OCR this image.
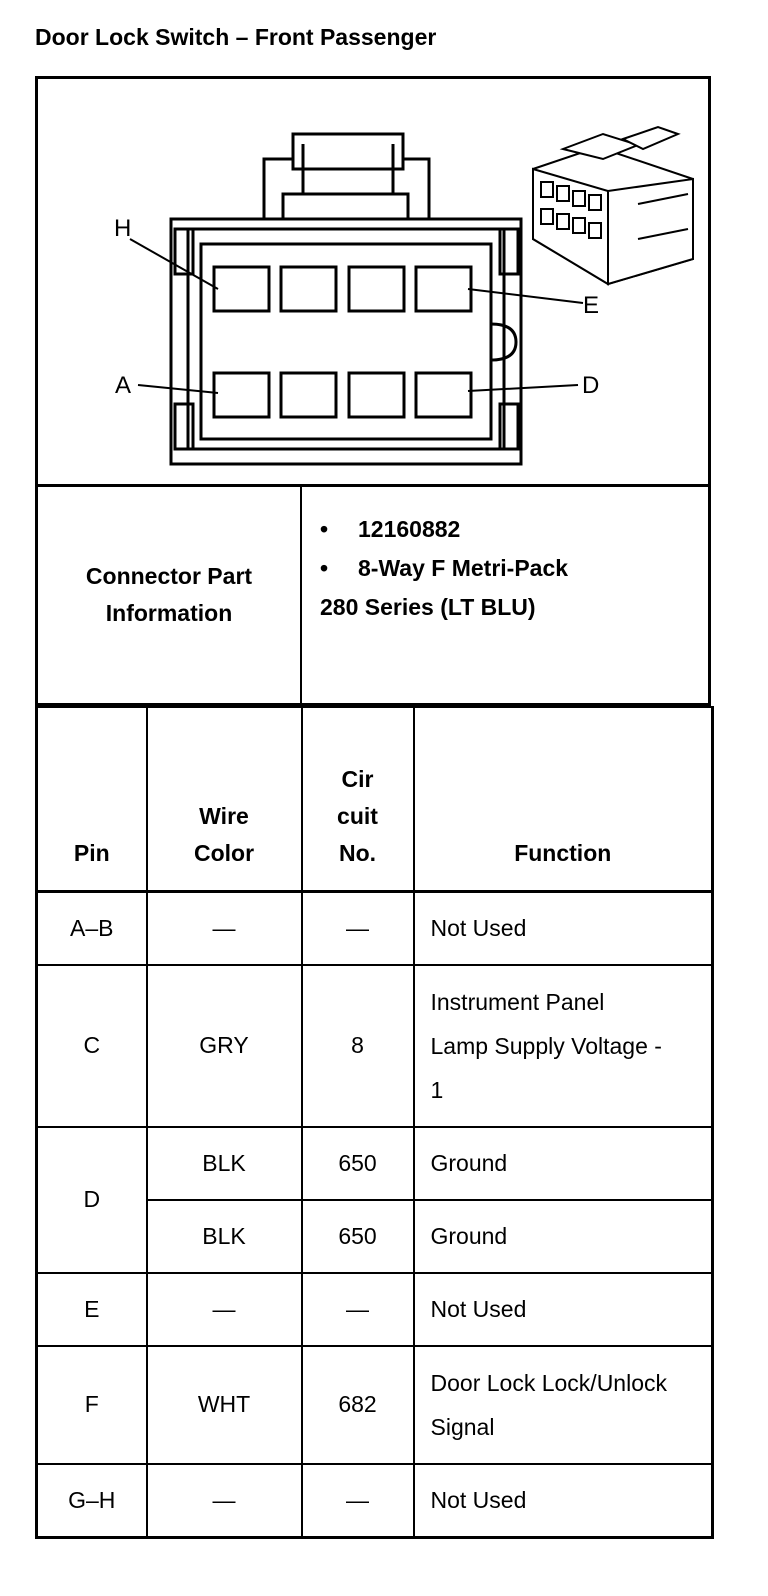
Door Lock Switch – Front Passenger
H
A
E
D
Connector Part Information
• 12160882
• 8-Way F Metri-Pack
280 Series (LT BLU)
Pin	Wire Color	Cir cuit No.	Function
A–B	—	—	Not Used
C	GRY	8	Instrument Panel Lamp Supply Voltage - 1

D	BLK	650	Ground
	BLK	650	Ground
E	—	—	Not Used
F	WHT	682	Door Lock Lock/Unlock Signal

G–H	—	—	Not Used
